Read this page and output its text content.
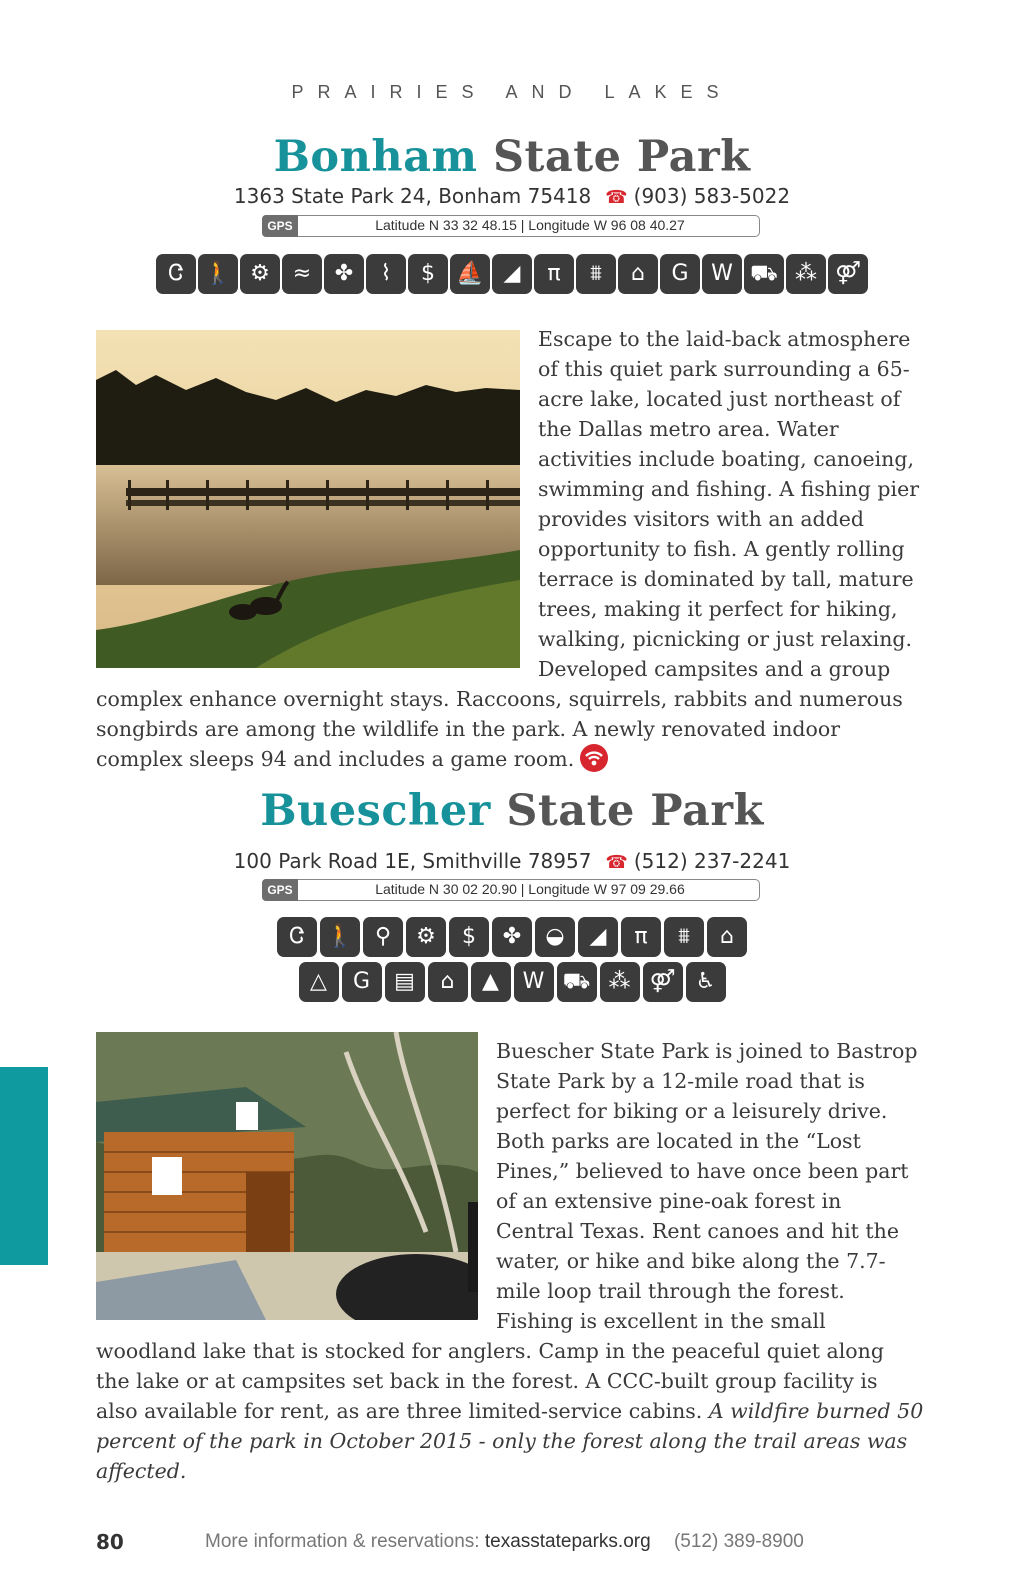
PRAIRIES AND LAKES
Bonham State Park
1363 State Park 24, Bonham 75418 ☎ (903) 583-5022
GPS	Latitude N 33 32 48.15 | Longitude W 96 08 40.27
Ꮳ 🚶 ⚙	≈	✤	⌇	$ ⛵ ◢	π	⩩	⌂	G	W ⛟ ⁂ ⚤

Escape to the laid-back atmosphere of this quiet park surrounding a 65-acre lake, located just northeast of the Dallas metro area. Water activities include boating, canoeing, swimming and fishing. A fishing pier provides visitors with an added opportunity to fish. A gently rolling terrace is dominated by tall, mature trees, making it perfect for hiking, walking, picnicking or just relaxing. Developed campsites and a group complex enhance overnight stays. Raccoons, squirrels, rabbits and numerous songbirds are among the wildlife in the park. A newly renovated indoor complex sleeps 94 and includes a game room.

Buescher State Park
100 Park Road 1E, Smithville 78957 ☎ (512) 237-2241
GPS	Latitude N 30 02 20.90 | Longitude W 97 09 29.66
Ꮳ 🚶 ⚲	⚙	$	✤	◒	◢	π	⩩	⌂
△	G	▤	⌂	▲	W ⛟ ⁂ ⚤ ♿

Buescher State Park is joined to Bastrop State Park by a 12-mile road that is perfect for biking or a leisurely drive. Both parks are located in the “Lost Pines,” believed to have once been part of an extensive pine-oak forest in Central Texas. Rent canoes and hit the water, or hike and bike along the 7.7-mile loop trail through the forest. Fishing is excellent in the small woodland lake that is stocked for anglers. Camp in the peaceful quiet along the lake or at campsites set back in the forest. A CCC-built group facility is also available for rent, as are three limited-service cabins. A wildfire burned 50 percent of the park in October 2015 - only the forest along the trail areas was affected.

80	More information & reservations: texasstateparks.org (512) 389-8900
